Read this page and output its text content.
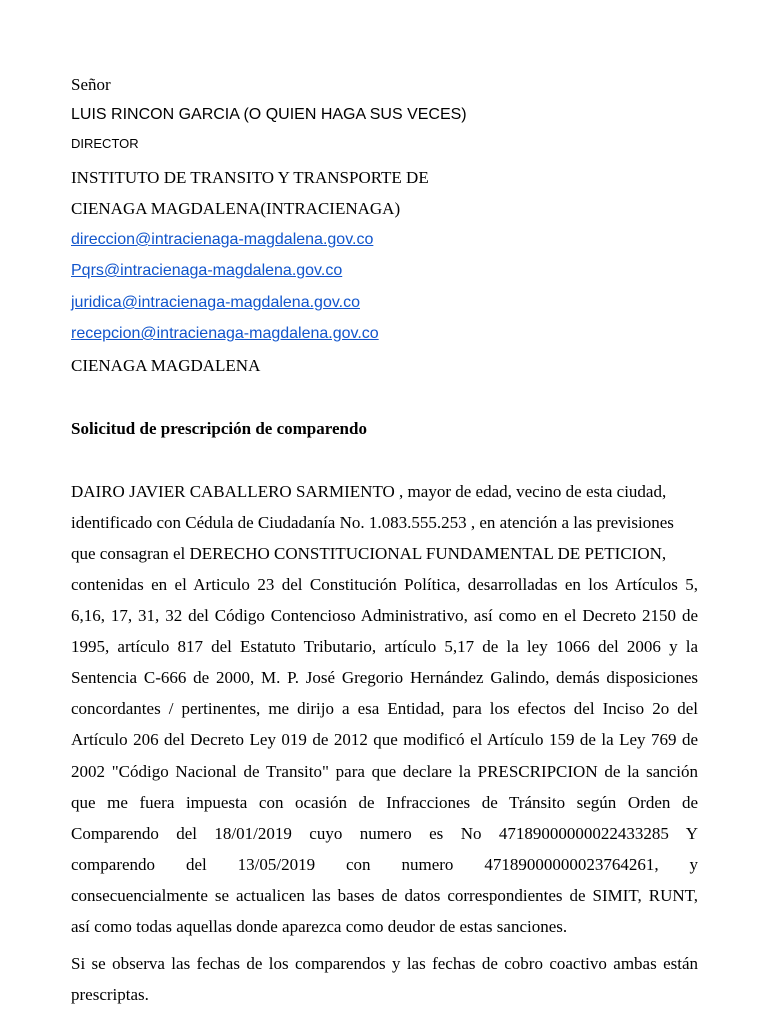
Señor
LUIS RINCON GARCIA (O QUIEN HAGA SUS VECES)
DIRECTOR
INSTITUTO DE TRANSITO Y TRANSPORTE DE
CIENAGA MAGDALENA(INTRACIENAGA)
direccion@intracienaga-magdalena.gov.co
Pqrs@intracienaga-magdalena.gov.co
juridica@intracienaga-magdalena.gov.co
recepcion@intracienaga-magdalena.gov.co
CIENAGA MAGDALENA
Solicitud de prescripción de comparendo
DAIRO JAVIER CABALLERO SARMIENTO , mayor de edad, vecino de esta ciudad,
identificado con Cédula de Ciudadanía No. 1.083.555.253 , en atención a las previsiones
que consagran el DERECHO CONSTITUCIONAL FUNDAMENTAL DE PETICION,
contenidas en el Articulo 23 del Constitución Política, desarrolladas en los Artículos 5,
6,16, 17, 31, 32 del Código Contencioso Administrativo, así como en el Decreto 2150 de
1995, artículo 817 del Estatuto Tributario, artículo 5,17 de la ley 1066 del 2006 y la
Sentencia C-666 de 2000, M. P. José Gregorio Hernández Galindo, demás disposiciones
concordantes / pertinentes, me dirijo a esa Entidad, para los efectos del Inciso 2o del
Artículo 206 del Decreto Ley 019 de 2012 que modificó el Artículo 159 de la Ley 769 de
2002 "Código Nacional de Transito" para que declare la PRESCRIPCION de la sanción
que me fuera impuesta con ocasión de Infracciones de Tránsito según Orden de
Comparendo del 18/01/2019 cuyo numero es No 47189000000022433285 Y
comparendo del 13/05/2019 con numero 47189000000023764261, y
consecuencialmente se actualicen las bases de datos correspondientes de SIMIT, RUNT,
así como todas aquellas donde aparezca como deudor de estas sanciones.
Si se observa las fechas de los comparendos y las fechas de cobro coactivo ambas están
prescriptas.
